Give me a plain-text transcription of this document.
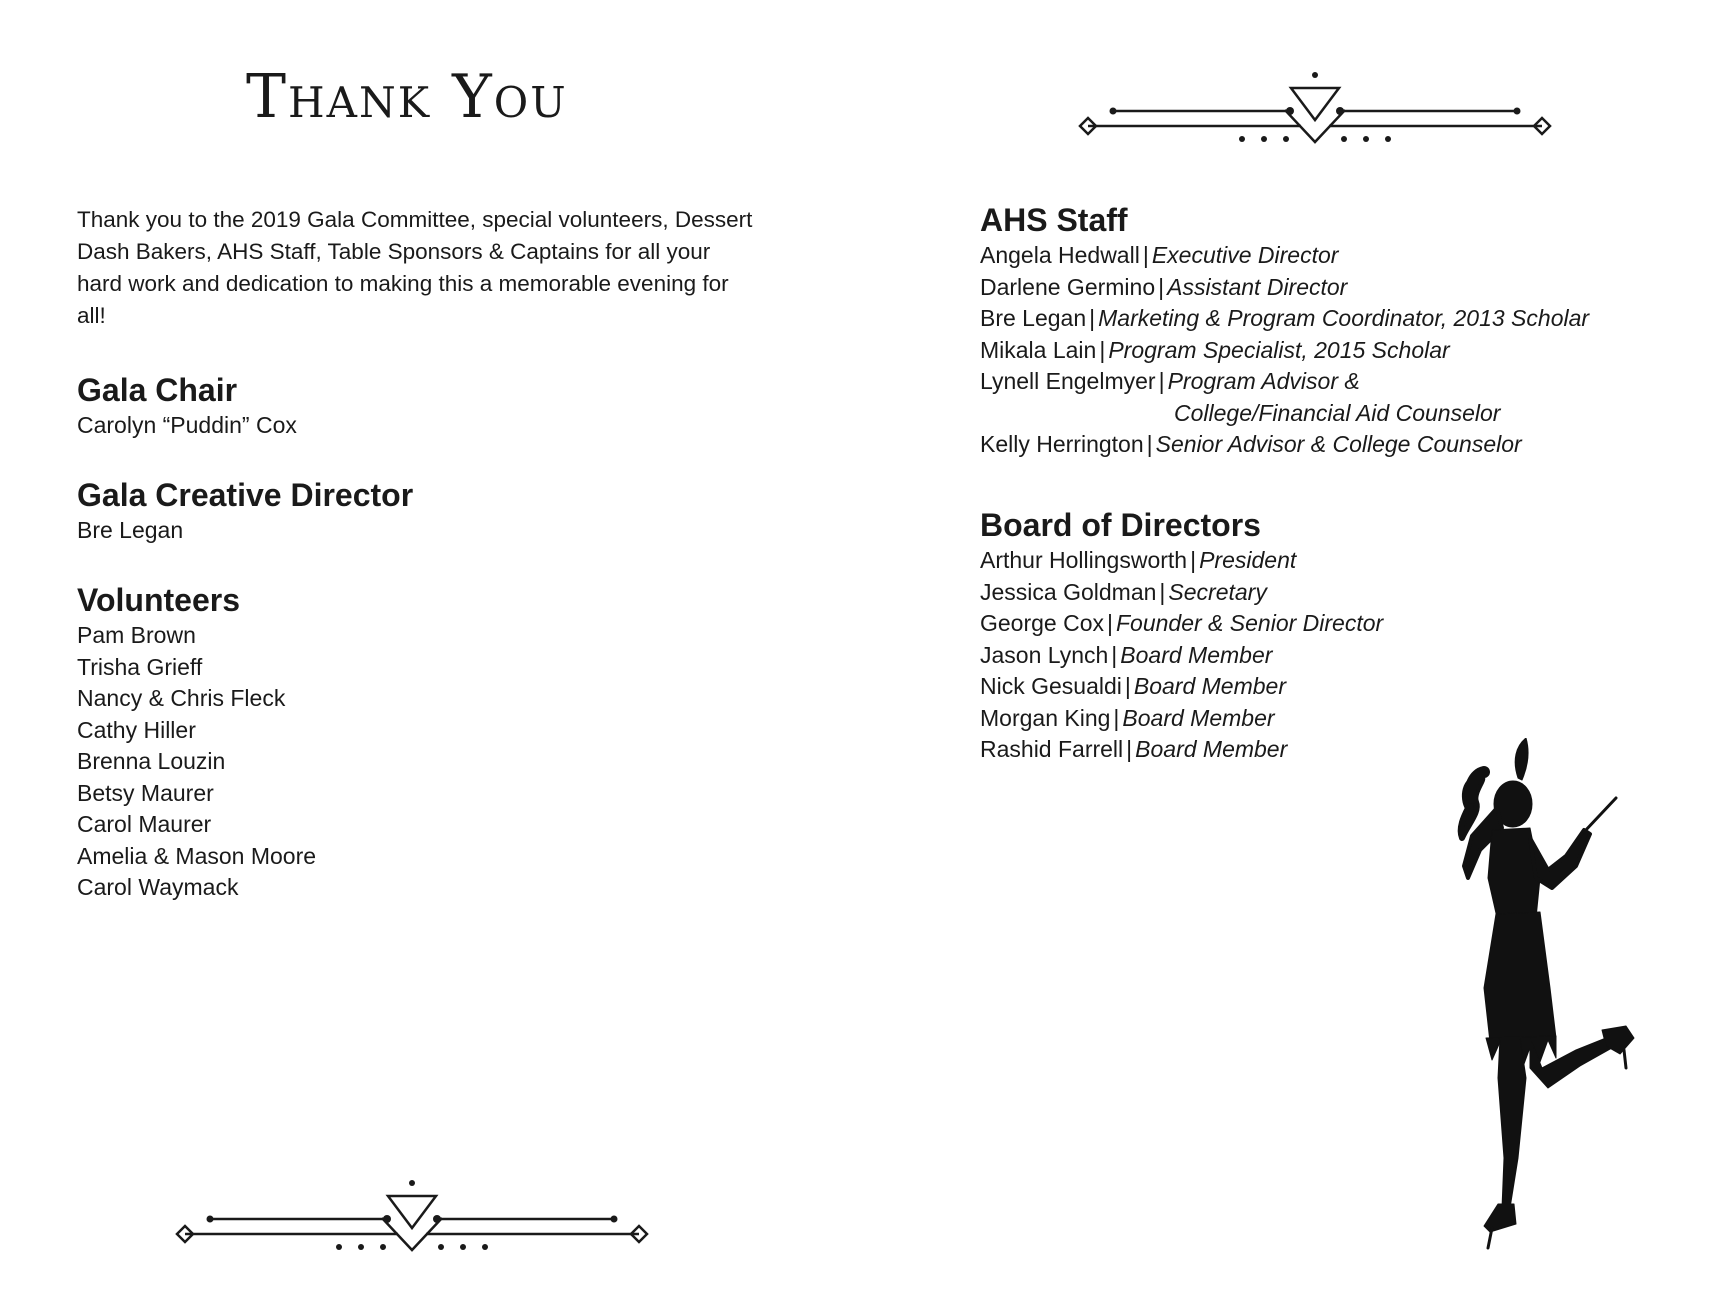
Thank You

Thank you to the 2019 Gala Committee, special volunteers, Dessert Dash Bakers, AHS Staff, Table Sponsors & Captains for all your hard work and dedication to making this a memorable evening for all!

Gala Chair
Carolyn “Puddin” Cox
Gala Creative Director
Bre Legan
Volunteers
Pam Brown
Trisha Grieff
Nancy & Chris Fleck
Cathy Hiller
Brenna Louzin
Betsy Maurer
Carol Maurer
Amelia & Mason Moore
Carol Waymack
AHS Staff
Angela Hedwall | Executive Director
Darlene Germino | Assistant Director
Bre Legan | Marketing & Program Coordinator, 2013 Scholar
Mikala Lain | Program Specialist, 2015 Scholar
Lynell Engelmyer | Program Advisor &
College/Financial Aid Counselor
Kelly Herrington | Senior Advisor & College Counselor
Board of Directors
Arthur Hollingsworth | President
Jessica Goldman | Secretary
George Cox | Founder & Senior Director
Jason Lynch | Board Member
Nick Gesualdi | Board Member
Morgan King | Board Member
Rashid Farrell | Board Member
